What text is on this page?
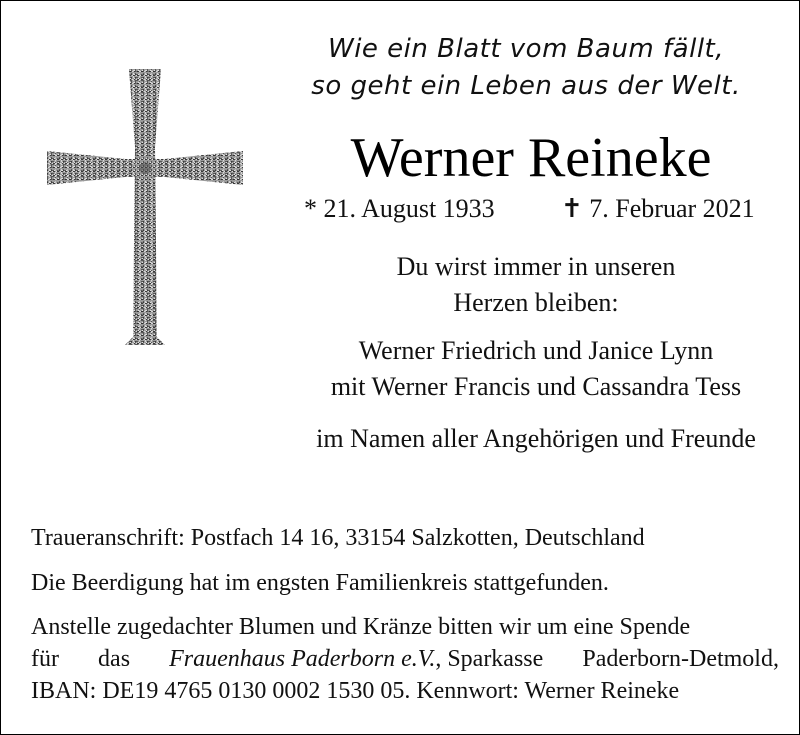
Wie ein Blatt vom Baum fällt,
so geht ein Leben aus der Welt.
Werner Reineke
* 21. August 1933	✝ 7. Februar 2021
Du wirst immer in unseren
Herzen bleiben:
Werner Friedrich und Janice Lynn
mit Werner Francis und Cassandra Tess
im Namen aller Angehörigen und Freunde
Traueranschrift: Postfach 14 16, 33154 Salzkotten, Deutschland
Die Beerdigung hat im engsten Familienkreis stattgefunden.
Anstelle zugedachter Blumen und Kränze bitten wir um eine Spende
für das Frauenhaus Paderborn e.V., Sparkasse Paderborn-Detmold,
IBAN: DE19 4765 0130 0002 1530 05. Kennwort: Werner Reineke
